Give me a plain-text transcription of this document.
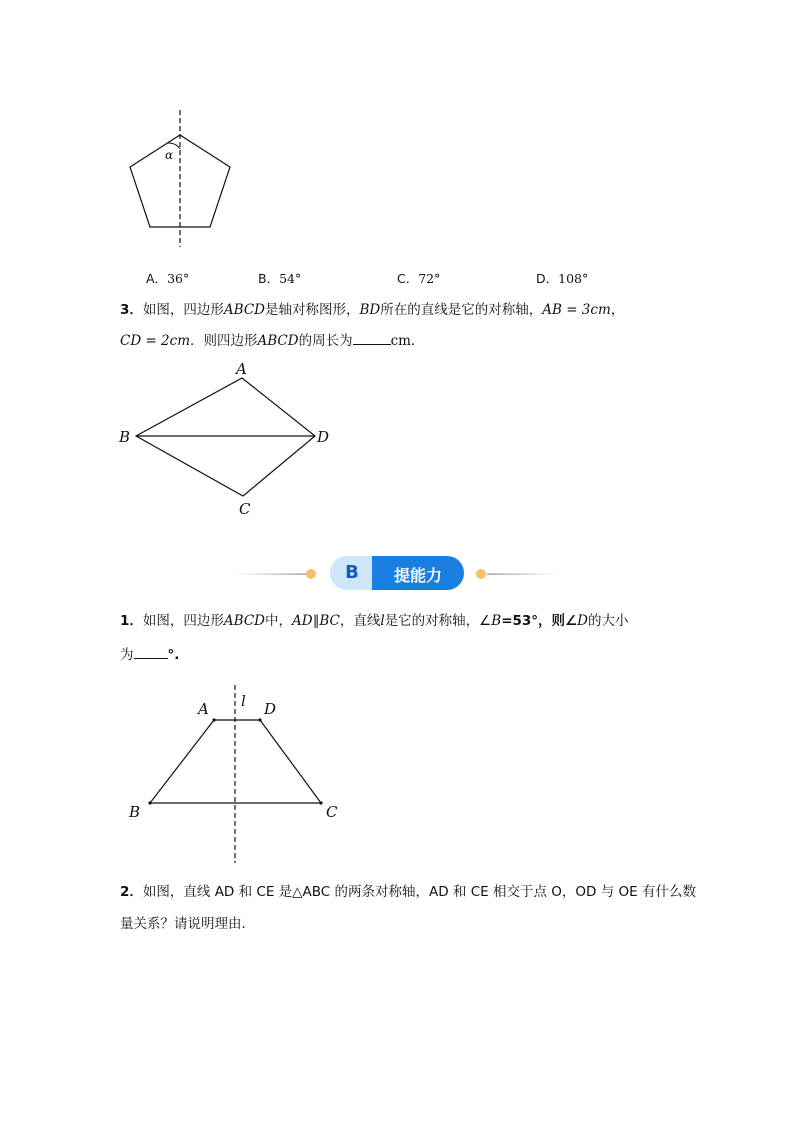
α
A．36°	B．54°	C．72°	D．108°
3．如图，四边形ABCD是轴对称图形，BD所在的直线是它的对称轴，AB = 3cm，
CD = 2cm．则四边形ABCD的周长为	cm．
A
B
C
D
B	提能力
1．如图，四边形ABCD中，AD∥BC，直线l是它的对称轴，∠B=53°，则∠D的大小
为	°.
A	D
B	C
l
2．如图，直线 AD 和 CE 是△ABC 的两条对称轴，AD 和 CE 相交于点 O，OD 与 OE 有什么数
量关系？请说明理由．
